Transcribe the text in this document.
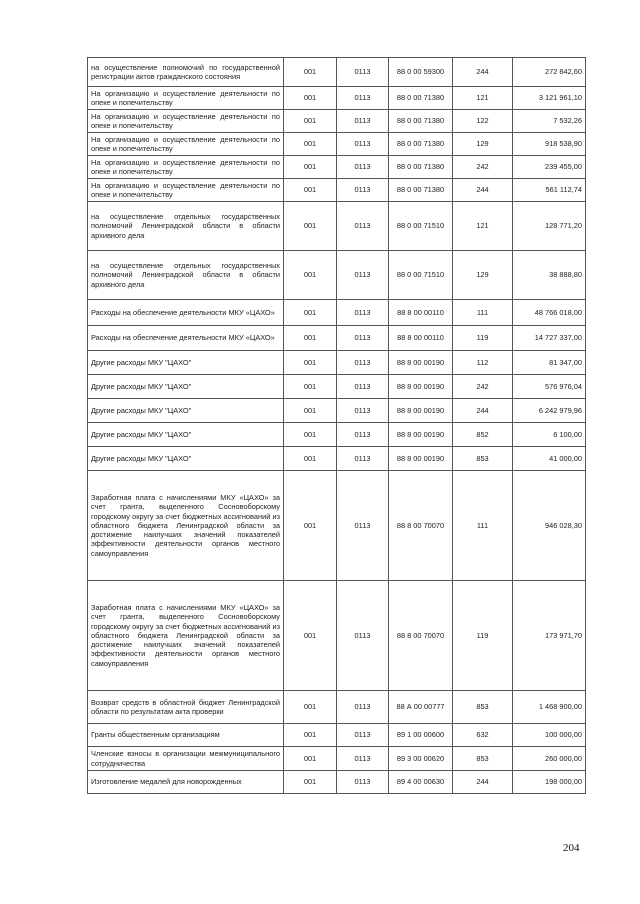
на осуществление полномочий по государственной регистрации актов гражданского состояния	001	0113	88 0 00 59300	244	272 842,60
На организацию и осуществление деятельности по опеке и попечительству	001	0113	88 0 00 71380	121	3 121 961,10
На организацию и осуществление деятельности по опеке и попечительству	001	0113	88 0 00 71380	122	7 532,26
На организацию и осуществление деятельности по опеке и попечительству	001	0113	88 0 00 71380	129	918 538,90
На организацию и осуществление деятельности по опеке и попечительству	001	0113	88 0 00 71380	242	239 455,00
На организацию и осуществление деятельности по опеке и попечительству	001	0113	88 0 00 71380	244	561 112,74
на осуществление отдельных государственных полномочий Ленинградской области в области архивного дела	001	0113	88 0 00 71510	121	128 771,20
на осуществление отдельных государственных полномочий Ленинградской области в области архивного дела	001	0113	88 0 00 71510	129	38 888,80
Расходы на обеспечение деятельности МКУ «ЦАХО»	001	0113	88 8 00 00110	111	48 766 018,00
Расходы на обеспечение деятельности МКУ «ЦАХО»	001	0113	88 8 00 00110	119	14 727 337,00
Другие расходы МКУ "ЦАХО"	001	0113	88 8 00 00190	112	81 347,00
Другие расходы МКУ "ЦАХО"	001	0113	88 8 00 00190	242	576 976,04
Другие расходы МКУ "ЦАХО"	001	0113	88 8 00 00190	244	6 242 979,96
Другие расходы МКУ "ЦАХО"	001	0113	88 8 00 00190	852	6 100,00
Другие расходы МКУ "ЦАХО"	001	0113	88 8 00 00190	853	41 000,00
Заработная плата с начислениями МКУ «ЦАХО» за счет гранта, выделенного Сосновоборскому городскому округу за счет бюджетных ассигнований из областного бюджета Ленинградской области за достижение наилучших значений показателей эффективности деятельности органов местного самоуправления	001	0113	88 8 00 70070	111	946 028,30
Заработная плата с начислениями МКУ «ЦАХО» за счет гранта, выделенного Сосновоборскому городскому округу за счет бюджетных ассигнований из областного бюджета Ленинградской области за достижение наилучших значений показателей эффективности деятельности органов местного самоуправления	001	0113	88 8 00 70070	119	173 971,70
Возврат средств в областной бюджет Ленинградской области по результатам акта проверки	001	0113	88 А 00 00777	853	1 468 900,00
Гранты общественным организациям	001	0113	89 1 00 00600	632	100 000,00
Членские взносы в организации межмуниципального сотрудничества	001	0113	89 3 00 00620	853	260 000,00
Изготовление медалей для новорожденных	001	0113	89 4 00 00630	244	198 000,00
204
